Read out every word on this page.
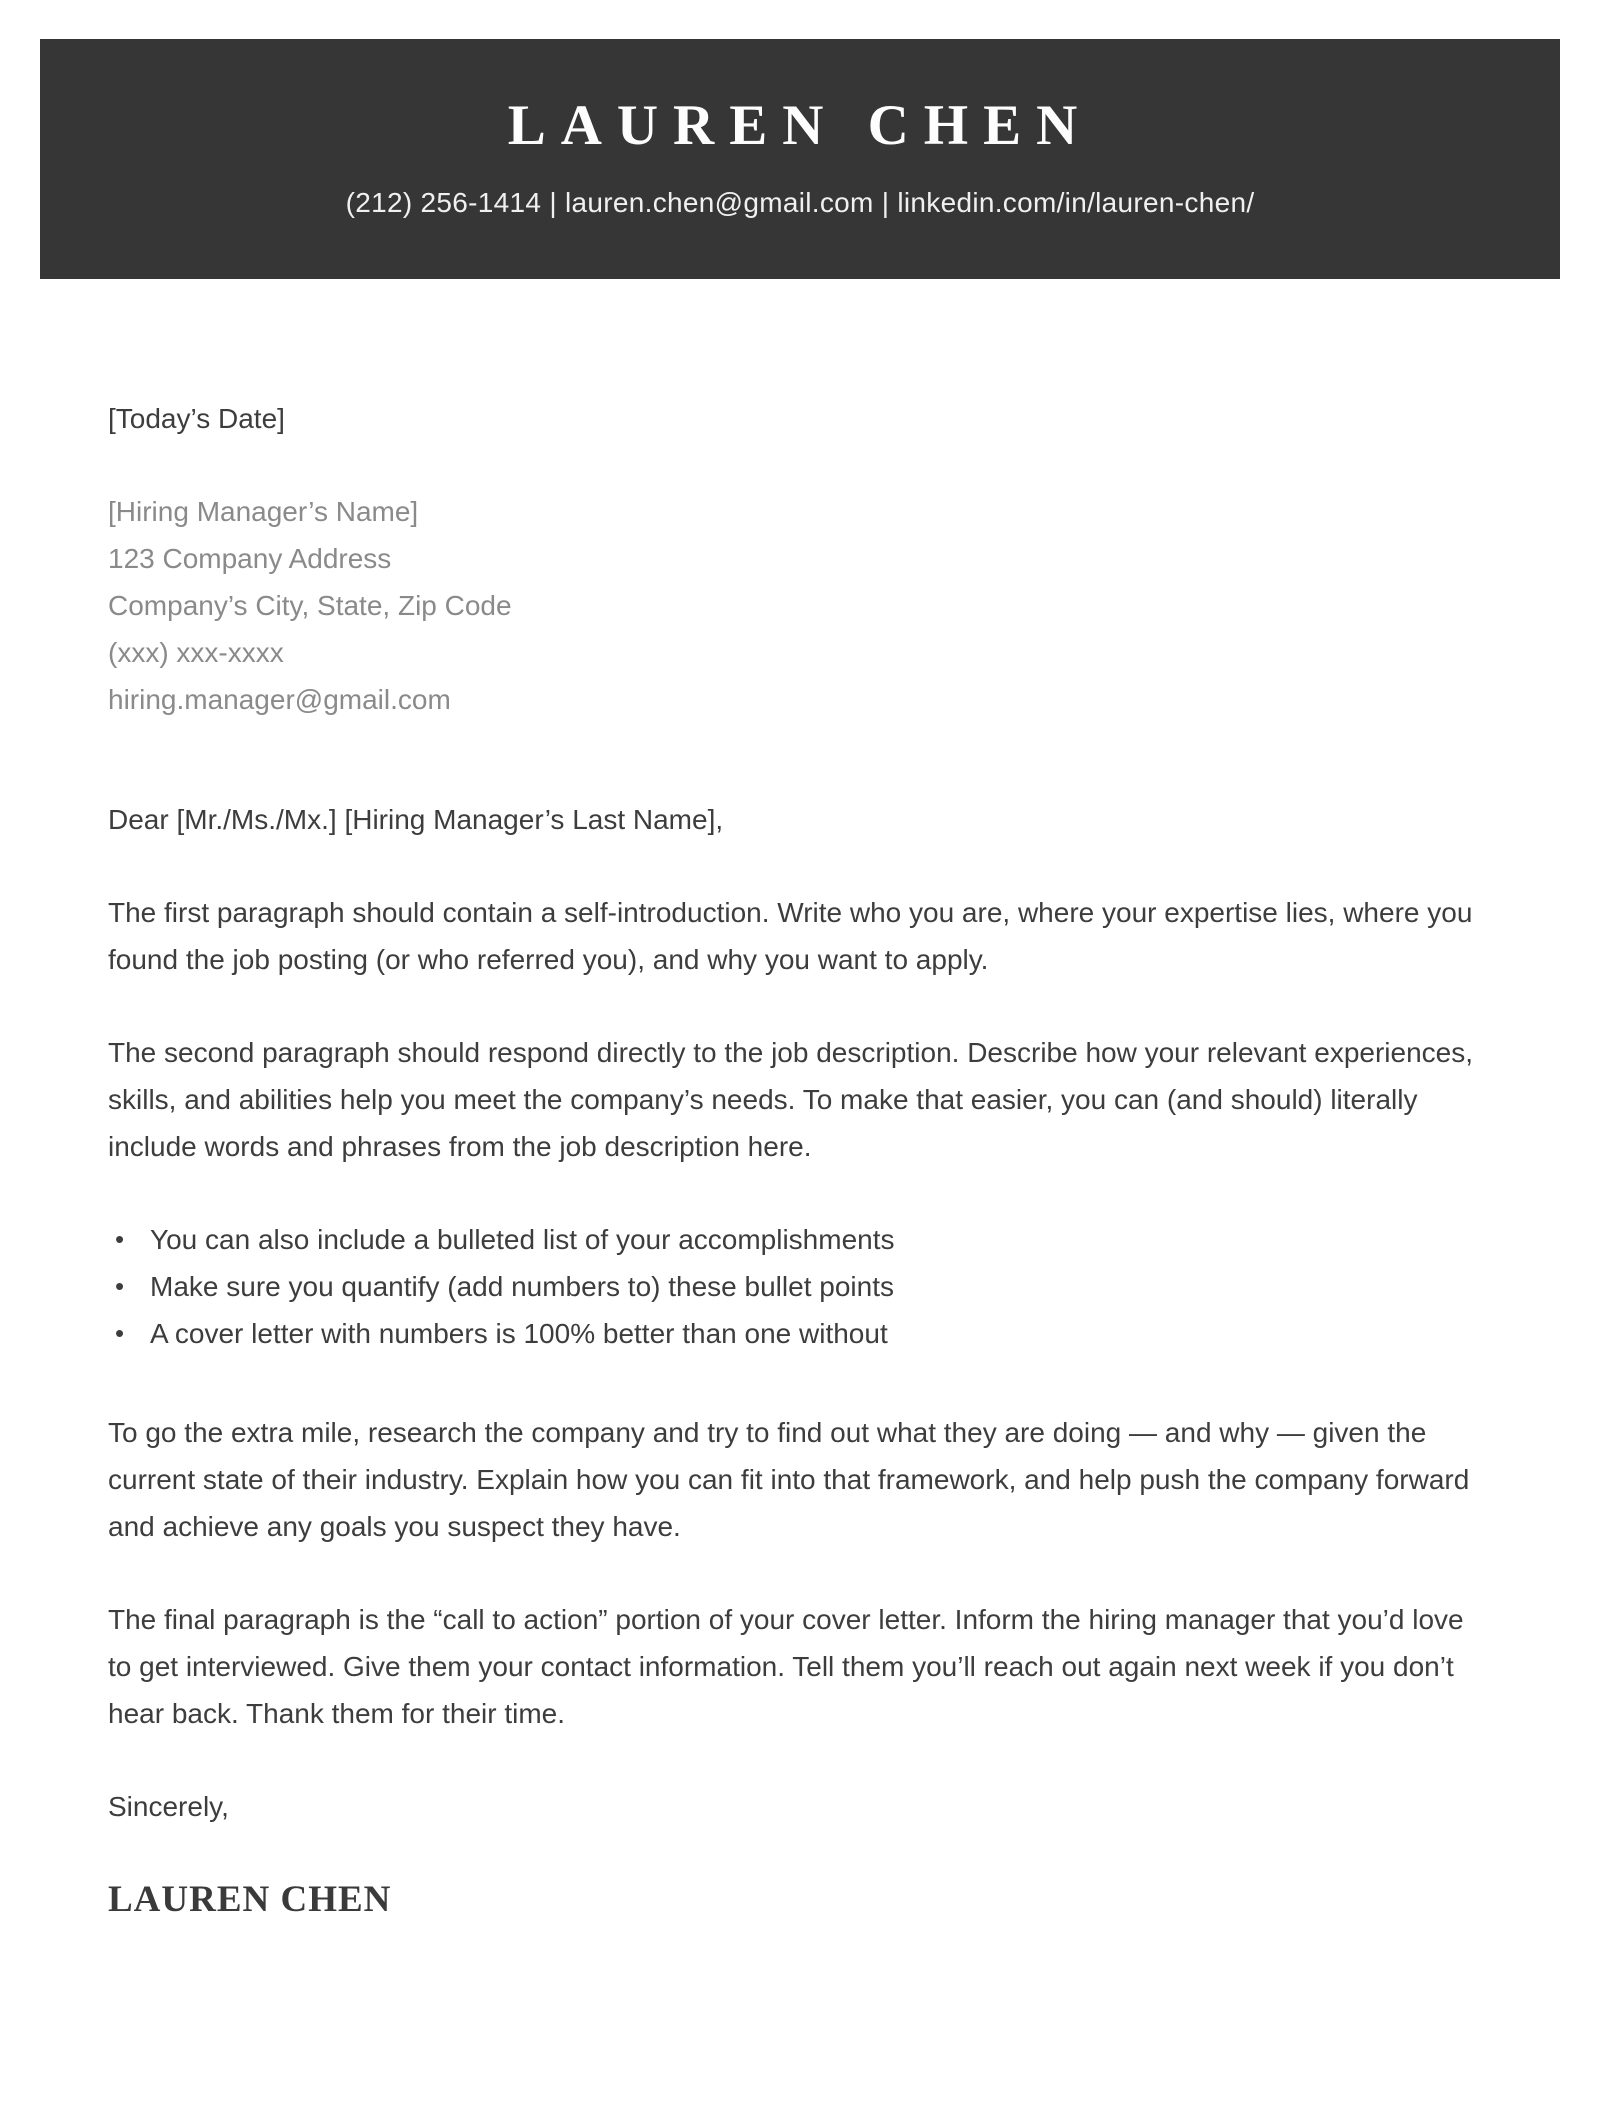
LAUREN CHEN
(212) 256-1414 | lauren.chen@gmail.com | linkedin.com/in/lauren-chen/

[Today’s Date]

[Hiring Manager’s Name]
123 Company Address
Company’s City, State, Zip Code
(xxx) xxx-xxxx
hiring.manager@gmail.com

Dear [Mr./Ms./Mx.] [Hiring Manager’s Last Name],

The first paragraph should contain a self-introduction. Write who you are, where your expertise lies, where you found the job posting (or who referred you), and why you want to apply.

The second paragraph should respond directly to the job description. Describe how your relevant experiences, skills, and abilities help you meet the company’s needs. To make that easier, you can (and should) literally include words and phrases from the job description here.

• You can also include a bulleted list of your accomplishments
• Make sure you quantify (add numbers to) these bullet points
• A cover letter with numbers is 100% better than one without

To go the extra mile, research the company and try to find out what they are doing — and why — given the current state of their industry. Explain how you can fit into that framework, and help push the company forward and achieve any goals you suspect they have.

The final paragraph is the “call to action” portion of your cover letter. Inform the hiring manager that you’d love to get interviewed. Give them your contact information. Tell them you’ll reach out again next week if you don’t hear back. Thank them for their time.

Sincerely,

LAUREN CHEN
